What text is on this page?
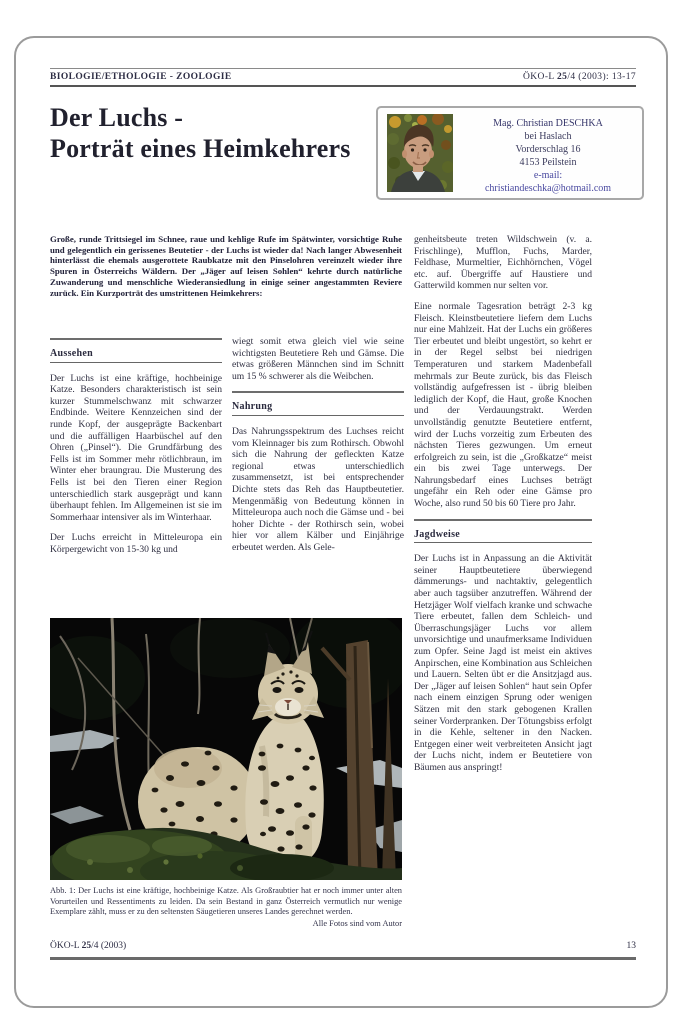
BIOLOGIE/ETHOLOGIE - ZOOLOGIE	ÖKO-L 25/4 (2003): 13-17
Der Luchs -
Porträt eines Heimkehrers
Mag. Christian DESCHKA
bei Haslach
Vorderschlag 16
4153 Peilstein
e-mail:
christiandeschka@hotmail.com
Große, runde Trittsiegel im Schnee, raue und kehlige Rufe im Spätwinter, vorsichtige Ruhe und gelegentlich ein gerissenes Beutetier - der Luchs ist wieder da! Nach langer Abwesenheit hinterlässt die ehemals ausgerottete Raubkatze mit den Pinselohren vereinzelt wieder ihre Spuren in Österreichs Wäldern. Der „Jäger auf leisen Sohlen“ kehrte durch natürliche Zuwanderung und menschliche Wiederansiedlung in einige seiner angestammten Reviere zurück. Ein Kurzporträt des umstrittenen Heimkehrers:
Aussehen

Der Luchs ist eine kräftige, hochbeinige Katze. Besonders charakteristisch ist sein kurzer Stummelschwanz mit schwarzer Endbinde. Weitere Kennzeichen sind der runde Kopf, der ausgeprägte Backenbart und die auffälligen Haarbüschel auf den Ohren („Pinsel“). Die Grundfärbung des Fells ist im Sommer mehr rötlichbraun, im Winter eher braungrau. Die Musterung des Fells ist bei den Tieren einer Region unterschiedlich stark ausgeprägt und kann überhaupt fehlen. Im Allgemeinen ist sie im Sommerhaar intensiver als im Winterhaar.

Der Luchs erreicht in Mitteleuropa ein Körpergewicht von 15-30 kg und

wiegt somit etwa gleich viel wie seine wichtigsten Beutetiere Reh und Gämse. Die etwas größeren Männchen sind im Schnitt um 15 % schwerer als die Weibchen.

Nahrung

Das Nahrungsspektrum des Luchses reicht vom Kleinnager bis zum Rothirsch. Obwohl sich die Nahrung der gefleckten Katze regional etwas unterschiedlich zusammensetzt, ist bei entsprechender Dichte stets das Reh das Hauptbeutetier. Mengenmäßig von Bedeutung können in Mitteleuropa auch noch die Gämse und - bei hoher Dichte - der Rothirsch sein, wobei hier vor allem Kälber und Einjährige erbeutet werden. Als Gele-

genheitsbeute treten Wildschwein (v. a. Frischlinge), Mufflon, Fuchs, Marder, Feldhase, Murmeltier, Eichhörnchen, Vögel etc. auf. Übergriffe auf Haustiere und Gatterwild kommen nur selten vor.

Eine normale Tagesration beträgt 2-3 kg Fleisch. Kleinstbeutetiere liefern dem Luchs nur eine Mahlzeit. Hat der Luchs ein größeres Tier erbeutet und bleibt ungestört, so kehrt er in der Regel selbst bei niedrigen Temperaturen und starkem Madenbefall mehrmals zur Beute zurück, bis das Fleisch vollständig aufgefressen ist - übrig bleiben lediglich der Kopf, die Haut, große Knochen und der Verdauungstrakt. Werden unvollständig genutzte Beutetiere entfernt, wird der Luchs vorzeitig zum Erbeuten des nächsten Tieres gezwungen. Um erneut erfolgreich zu sein, ist die „Großkatze“ meist ein bis zwei Tage unterwegs. Der Nahrungsbedarf eines Luchses beträgt ungefähr ein Reh oder eine Gämse pro Woche, also rund 50 bis 60 Tiere pro Jahr.

Jagdweise

Der Luchs ist in Anpassung an die Aktivität seiner Hauptbeutetiere überwiegend dämmerungs- und nachtaktiv, gelegentlich aber auch tagsüber anzutreffen. Während der Hetzjäger Wolf vielfach kranke und schwache Tiere erbeutet, fallen dem Schleich- und Überraschungsjäger Luchs vor allem unvorsichtige und unaufmerksame Individuen zum Opfer. Seine Jagd ist meist ein aktives Anpirschen, eine Kombination aus Schleichen und Lauern. Selten übt er die Ansitzjagd aus. Der „Jäger auf leisen Sohlen“ haut sein Opfer nach einem einzigen Sprung oder wenigen Sätzen mit den stark gebogenen Krallen seiner Vorderpranken. Der Tötungsbiss erfolgt in die Kehle, seltener in den Nacken. Entgegen einer weit verbreiteten Ansicht jagt der Luchs nicht, indem er Beutetiere von Bäumen aus anspringt!

Abb. 1: Der Luchs ist eine kräftige, hochbeinige Katze. Als Großraubtier hat er noch immer unter alten Vorurteilen und Ressentiments zu leiden. Da sein Bestand in ganz Österreich vermutlich nur wenige Exemplare zählt, muss er zu den seltensten Säugetieren unseres Landes gerechnet werden.
Alle Fotos sind vom Autor
ÖKO-L 25/4 (2003)	13
